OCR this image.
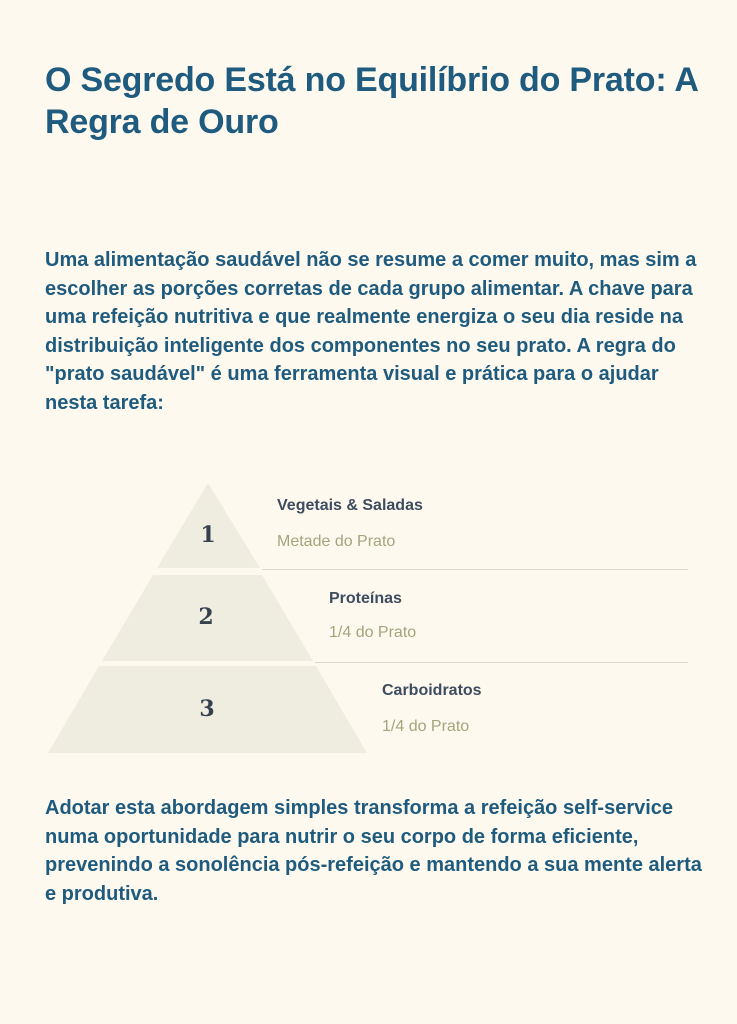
O Segredo Está no Equilíbrio do Prato: A Regra de Ouro

Uma alimentação saudável não se resume a comer muito, mas sim a escolher as porções corretas de cada grupo alimentar. A chave para uma refeição nutritiva e que realmente energiza o seu dia reside na distribuição inteligente dos componentes no seu prato. A regra do "prato saudável" é uma ferramenta visual e prática para o ajudar nesta tarefa:

1
2
3
Vegetais & Saladas
Metade do Prato
Proteínas
1/4 do Prato
Carboidratos
1/4 do Prato

Adotar esta abordagem simples transforma a refeição self-service numa oportunidade para nutrir o seu corpo de forma eficiente, prevenindo a sonolência pós-refeição e mantendo a sua mente alerta e produtiva.
